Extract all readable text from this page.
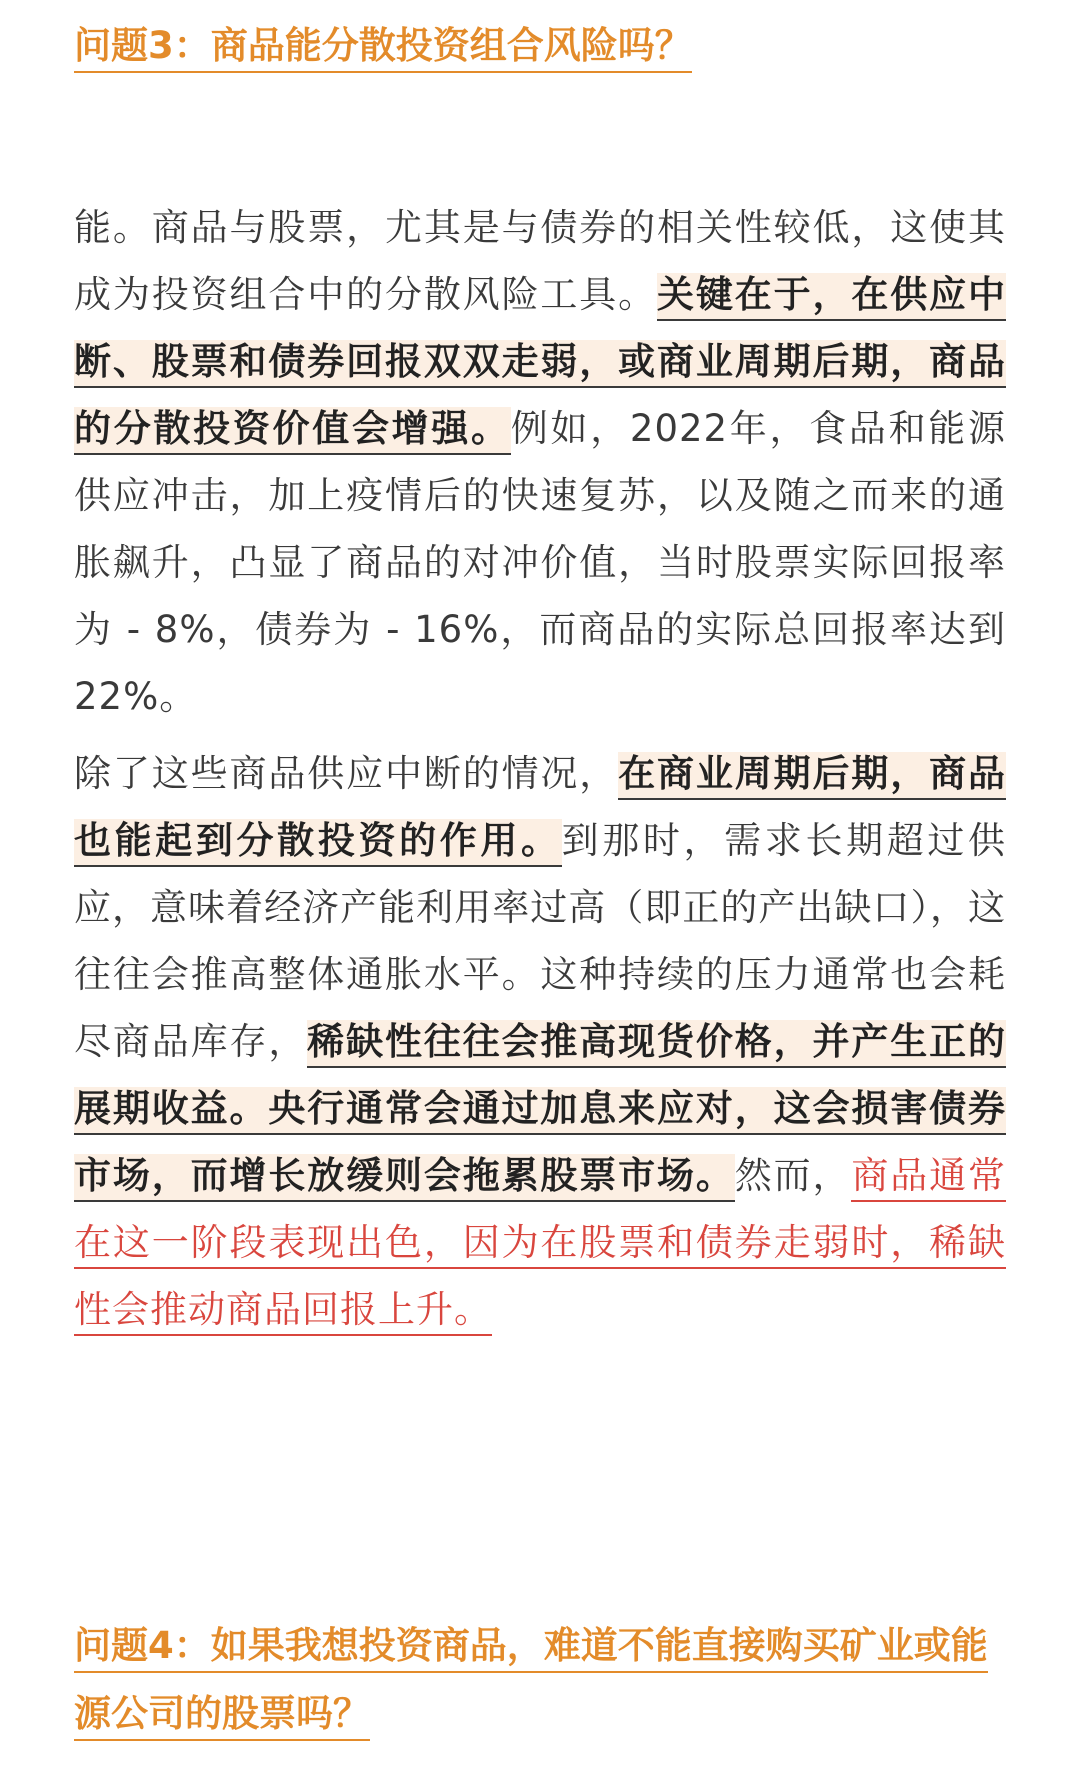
问题3：商品能分散投资组合风险吗？

能。商品与股票，尤其是与债券的相关性较低，这使其成为投资组合中的分散风险工具。关键在于，在供应中断、股票和债券回报双双走弱，或商业周期后期，商品的分散投资价值会增强。例如，2022年，食品和能源供应冲击，加上疫情后的快速复苏，以及随之而来的通胀飙升，凸显了商品的对冲价值，当时股票实际回报率为 - 8%，债券为 - 16%，而商品的实际总回报率达到22%。

除了这些商品供应中断的情况，在商业周期后期，商品也能起到分散投资的作用。到那时，需求长期超过供应，意味着经济产能利用率过高（即正的产出缺口），这往往会推高整体通胀水平。这种持续的压力通常也会耗尽商品库存，稀缺性往往会推高现货价格，并产生正的展期收益。央行通常会通过加息来应对，这会损害债券市场，而增长放缓则会拖累股票市场。然而，商品通常在这一阶段表现出色，因为在股票和债券走弱时，稀缺性会推动商品回报上升。

问题4：如果我想投资商品，难道不能直接购买矿业或能源公司的股票吗？
